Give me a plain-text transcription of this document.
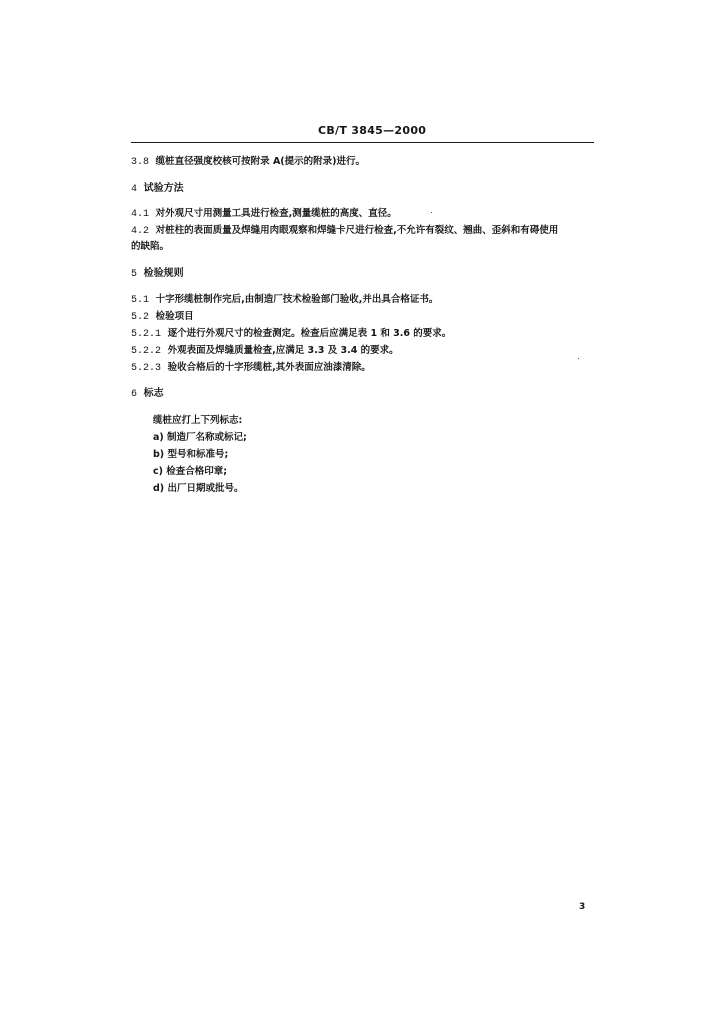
CB/T 3845—2000
3.8 缆桩直径强度校核可按附录 A(提示的附录)进行。
4 试验方法
4.1 对外观尺寸用测量工具进行检查,测量缆桩的高度、直径。
4.2 对桩柱的表面质量及焊缝用肉眼观察和焊缝卡尺进行检查,不允许有裂纹、翘曲、歪斜和有碍使用
的缺陷。
5 检验规则
5.1 十字形缆桩制作完后,由制造厂技术检验部门验收,并出具合格证书。
5.2 检验项目
5.2.1 逐个进行外观尺寸的检查测定。检查后应满足表 1 和 3.6 的要求。
5.2.2 外观表面及焊缝质量检查,应满足 3.3 及 3.4 的要求。
5.2.3 验收合格后的十字形缆桩,其外表面应油漆清除。
6 标志
缆桩应打上下列标志:
a) 制造厂名称或标记;
b) 型号和标准号;
c) 检查合格印章;
d) 出厂日期或批号。
3
